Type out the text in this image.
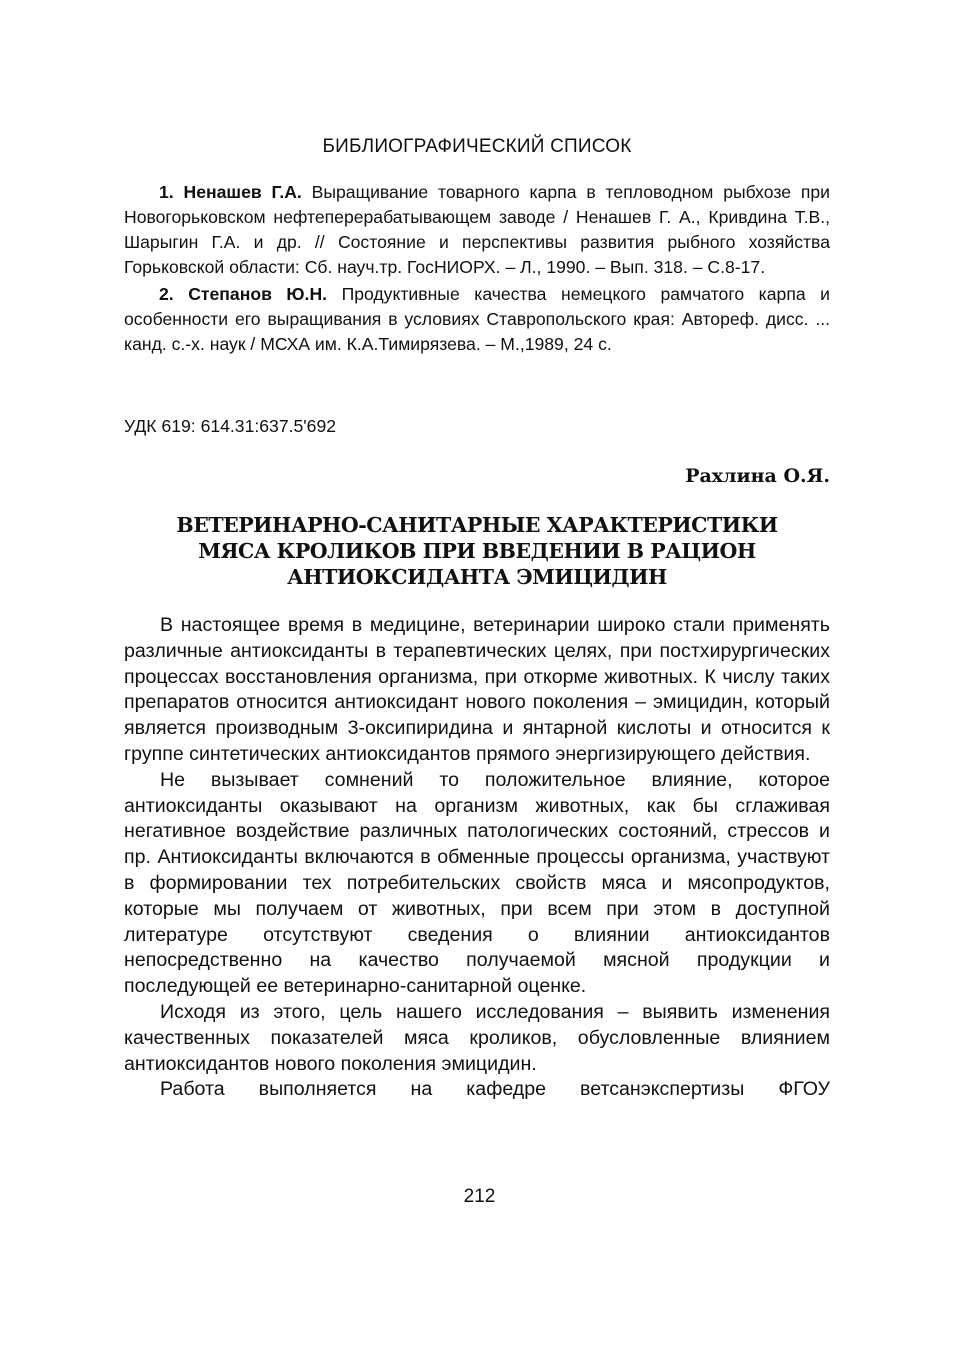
БИБЛИОГРАФИЧЕСКИЙ СПИСОК

1. Ненашев Г.А. Выращивание товарного карпа в тепловодном рыбхозе при Новогорьковском нефтеперерабатывающем заводе / Ненашев Г. А., Кривдина Т.В., Шарыгин Г.А. и др. // Состояние и перспективы развития рыбного хозяйства Горьковской области: Сб. науч.тр. ГосНИОРХ. – Л., 1990. – Вып. 318. – С.8-17.

2. Степанов Ю.Н. Продуктивные качества немецкого рамчатого карпа и особенности его выращивания в условиях Ставропольского края: Автореф. дисс. ... канд. с.-х. наук / МСХА им. К.А.Тимирязева. – М.,1989, 24 с.

УДК 619: 614.31:637.5'692
Рахлина О.Я.
ВЕТЕРИНАРНО-САНИТАРНЫЕ ХАРАКТЕРИСТИКИ
МЯСА КРОЛИКОВ ПРИ ВВЕДЕНИИ В РАЦИОН
АНТИОКСИДАНТА ЭМИЦИДИН

В настоящее время в медицине, ветеринарии широко стали применять различные антиоксиданты в терапевтических целях, при постхирургических процессах восстановления организма, при откорме животных. К числу таких препаратов относится антиоксидант нового поколения – эмицидин, который является производным 3-оксипиридина и янтарной кислоты и относится к группе синтетических антиоксидантов прямого энергизирующего действия.

Не вызывает сомнений то положительное влияние, которое антиоксиданты оказывают на организм животных, как бы сглаживая негативное воздействие различных патологических состояний, стрессов и пр. Антиоксиданты включаются в обменные процессы организма, участвуют в формировании тех потребительских свойств мяса и мясопродуктов, которые мы получаем от животных, при всем при этом в доступной литературе отсутствуют сведения о влиянии антиоксидантов непосредственно на качество получаемой мясной продукции и последующей ее ветеринарно-санитарной оценке.

Исходя из этого, цель нашего исследования – выявить изменения качественных показателей мяса кроликов, обусловленные влиянием антиоксидантов нового поколения эмицидин.

Работа выполняется на кафедре ветсанэкспертизы ФГОУ

212
